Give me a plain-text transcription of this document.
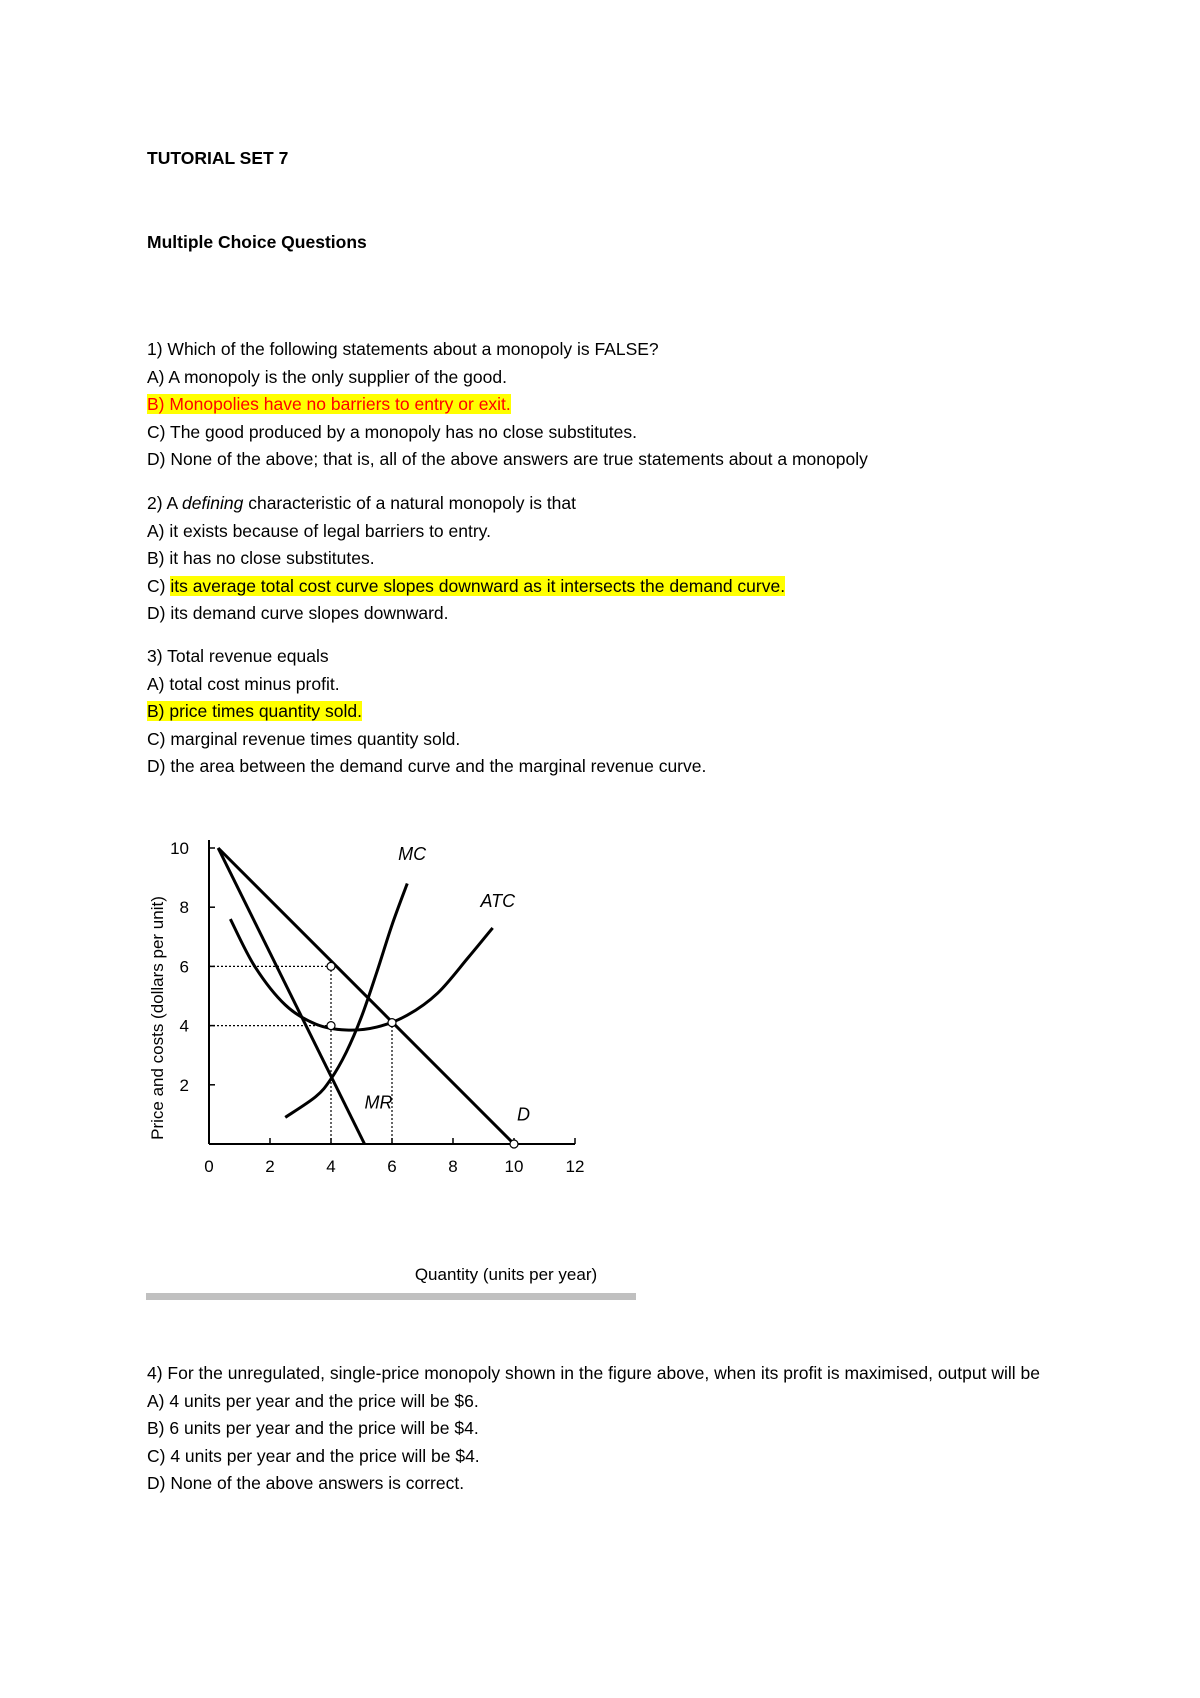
TUTORIAL SET 7
Multiple Choice Questions
1) Which of the following statements about a monopoly is FALSE?
A) A monopoly is the only supplier of the good.
B) Monopolies have no barriers to entry or exit.
C) The good produced by a monopoly has no close substitutes.
D) None of the above; that is, all of the above answers are true statements about a monopoly
2) A defining characteristic of a natural monopoly is that
A) it exists because of legal barriers to entry.
B) it has no close substitutes.
C) its average total cost curve slopes downward as it intersects the demand curve.
D) its demand curve slopes downward.
3) Total revenue equals
A) total cost minus profit.
B) price times quantity sold.
C) marginal revenue times quantity sold.
D) the area between the demand curve and the marginal revenue curve.
Price and costs (dollars per unit)
Quantity (units per year)
0	2	4	6	8	10 12
2
4
6
8
10
D
MR
MC
ATC
4) For the unregulated, single-price monopoly shown in the figure above, when its profit is maximised, output will be
A) 4 units per year and the price will be $6.
B) 6 units per year and the price will be $4.
C) 4 units per year and the price will be $4.
D) None of the above answers is correct.
